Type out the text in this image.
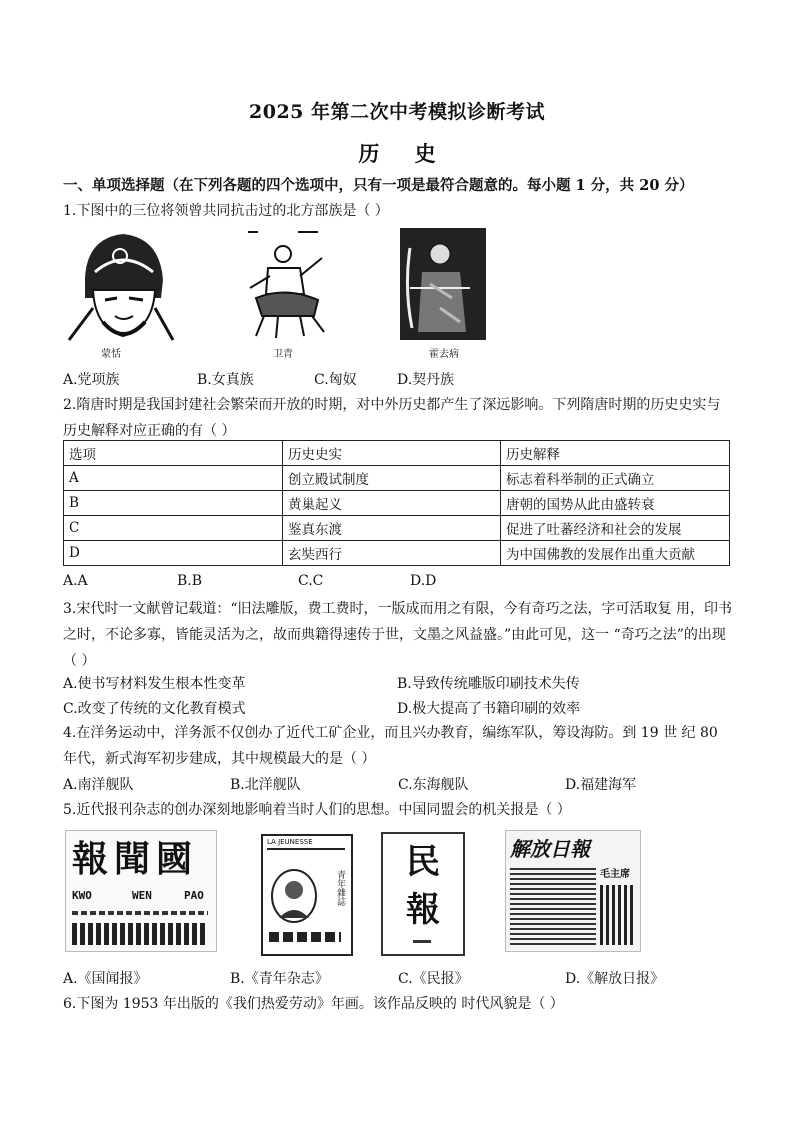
2025 年第二次中考模拟诊断考试
历 史
一、单项选择题（在下列各题的四个选项中，只有一项是最符合题意的。每小题 1 分，共 20 分）
1.下图中的三位将领曾共同抗击过的北方部族是（ ）
蒙恬	卫青	霍去病
A.党项族	B.女真族	C.匈奴	D.契丹族
2.隋唐时期是我国封建社会繁荣而开放的时期，对中外历史都产生了深远影响。下列隋唐时期的历史史实与历史解释对应正确的有（ ）
选项	历史史实	历史解释
A	创立殿试制度	标志着科举制的正式确立
B	黄巢起义	唐朝的国势从此由盛转衰
C	鉴真东渡	促进了吐蕃经济和社会的发展
D	玄奘西行	为中国佛教的发展作出重大贡献
A.A	B.B	C.C	D.D
3.宋代时一文献曾记载道：“旧法雕版，费工费时，一版成而用之有限，今有奇巧之法，字可活取复 用，印书之时，不论多寡，皆能灵活为之，故而典籍得速传于世，文墨之风益盛。”由此可见，这一 “奇巧之法”的出现（ ）
A.使书写材料发生根本性变革	B.导致传统雕版印刷技术失传
C.改变了传统的文化教育模式	D.极大提高了书籍印刷的效率
4.在洋务运动中，洋务派不仅创办了近代工矿企业，而且兴办教育，编练军队，筹设海防。到 19 世 纪 80 年代，新式海军初步建成，其中规模最大的是（ ）
A.南洋舰队	B.北洋舰队	C.东海舰队	D.福建海军
5.近代报刊杂志的创办深刻地影响着当时人们的思想。中国同盟会的机关报是（ ）
報聞國
KWO	WEN	PAO
LA JEUNESSE
青年雜誌
民報
解放日報
毛主席
A.《国闻报》	B.《青年杂志》	C.《民报》	D.《解放日报》
6.下图为 1953 年出版的《我们热爱劳动》年画。该作品反映的 时代风貌是（ ）
